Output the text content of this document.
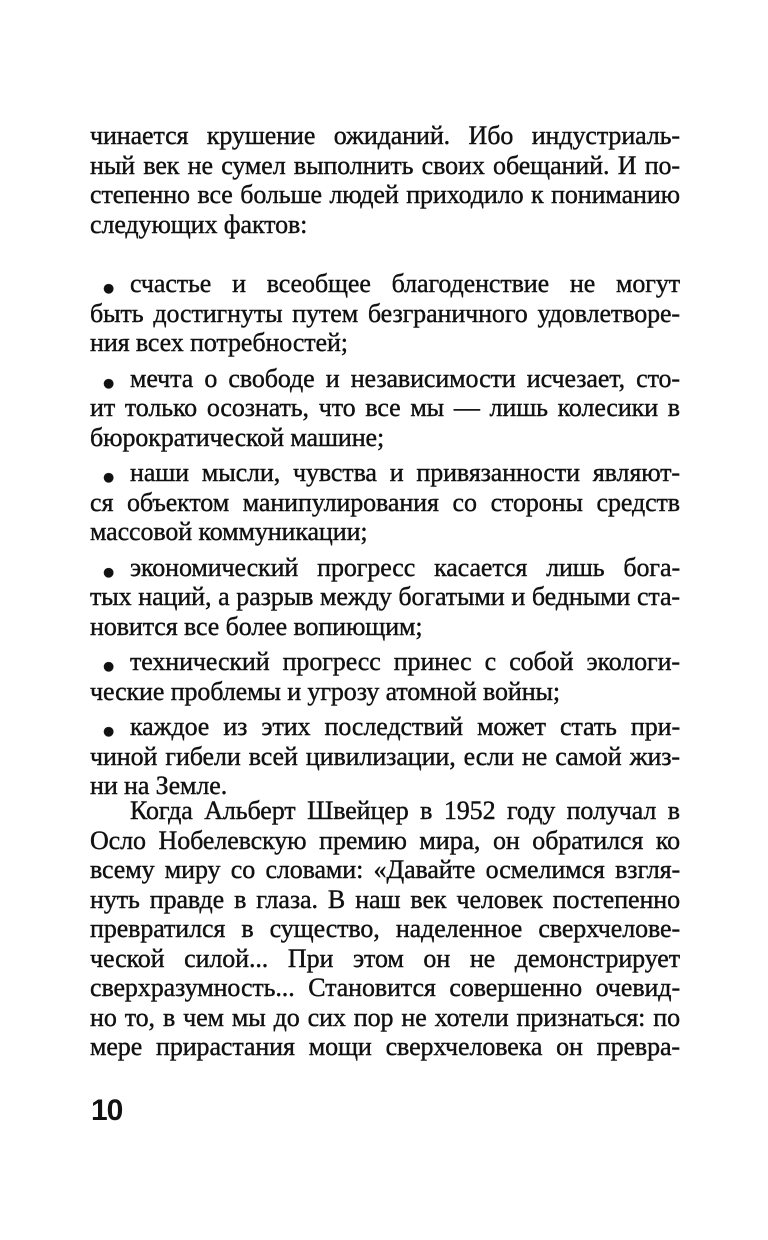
чинается крушение ожиданий. Ибо индустриаль-
ный век не сумел выполнить своих обещаний. И по-
степенно все больше людей приходило к пониманию
следующих фактов:
● счастье и всеобщее благоденствие не могут
быть достигнуты путем безграничного удовлетворе-
ния всех потребностей;
● мечта о свободе и независимости исчезает, сто-
ит только осознать, что все мы — лишь колесики в
бюрократической машине;
● наши мысли, чувства и привязанности являют-
ся объектом манипулирования со стороны средств
массовой коммуникации;
● экономический прогресс касается лишь бога-
тых наций, а разрыв между богатыми и бедными ста-
новится все более вопиющим;
● технический прогресс принес с собой экологи-
ческие проблемы и угрозу атомной войны;
● каждое из этих последствий может стать при-
чиной гибели всей цивилизации, если не самой жиз-
ни на Земле.
Когда Альберт Швейцер в 1952 году получал в
Осло Нобелевскую премию мира, он обратился ко
всему миру со словами: «Давайте осмелимся взгля-
нуть правде в глаза. В наш век человек постепенно
превратился в существо, наделенное сверхчелове-
ческой силой... При этом он не демонстрирует
сверхразумность... Становится совершенно очевид-
но то, в чем мы до сих пор не хотели признаться: по
мере прирастания мощи сверхчеловека он превра-
10
